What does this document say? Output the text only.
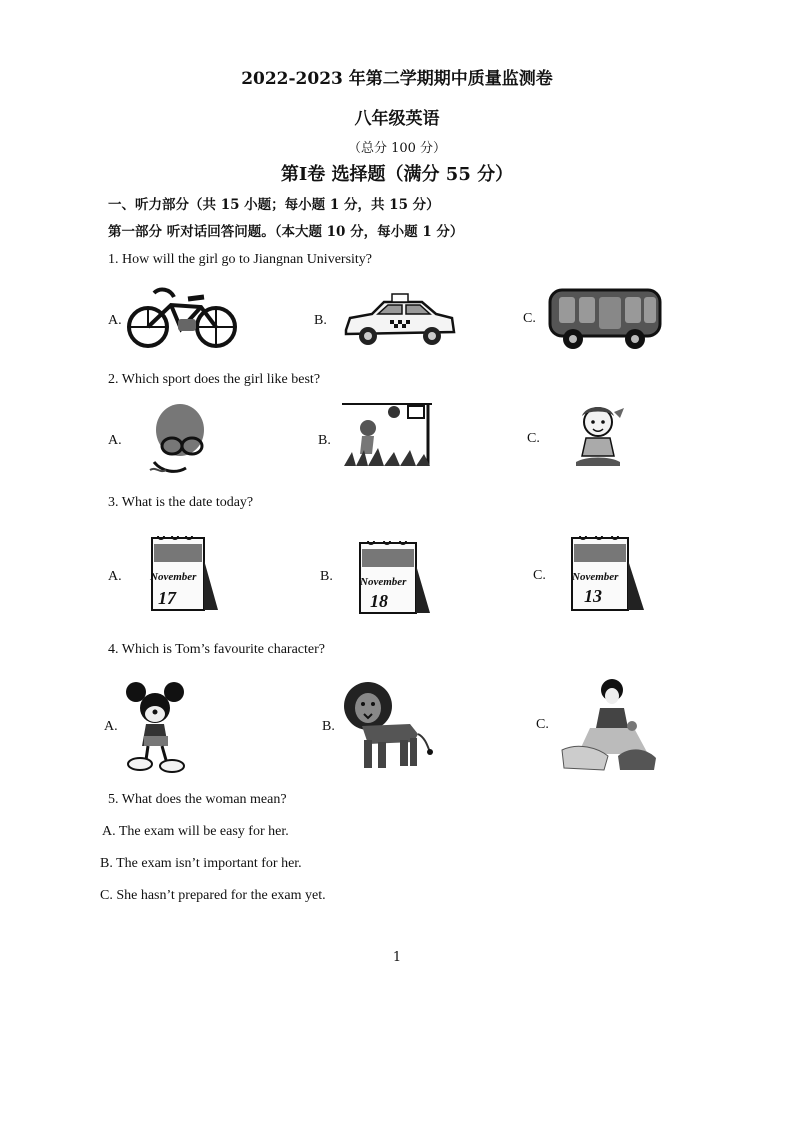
2022-2023 年第二学期期中质量监测卷
八年级英语
（总分 100 分）
第Ⅰ卷 选择题（满分 55 分）
一、听力部分（共 15 小题；每小题 1 分，共 15 分）
第一部分 听对话回答问题。（本大题 10 分，每小题 1 分）
1. How will the girl go to Jiangnan University?
A.	B.	C.
2. Which sport does the girl like best?
A.	B.	C.
3. What is the date today?
A.	November
17
B. November
18
C. November
13
4. Which is Tom’s favourite character?
A.	B.	C.
5. What does the woman mean?
A. The exam will be easy for her.
B. The exam isn’t important for her.
C. She hasn’t prepared for the exam yet.
1
